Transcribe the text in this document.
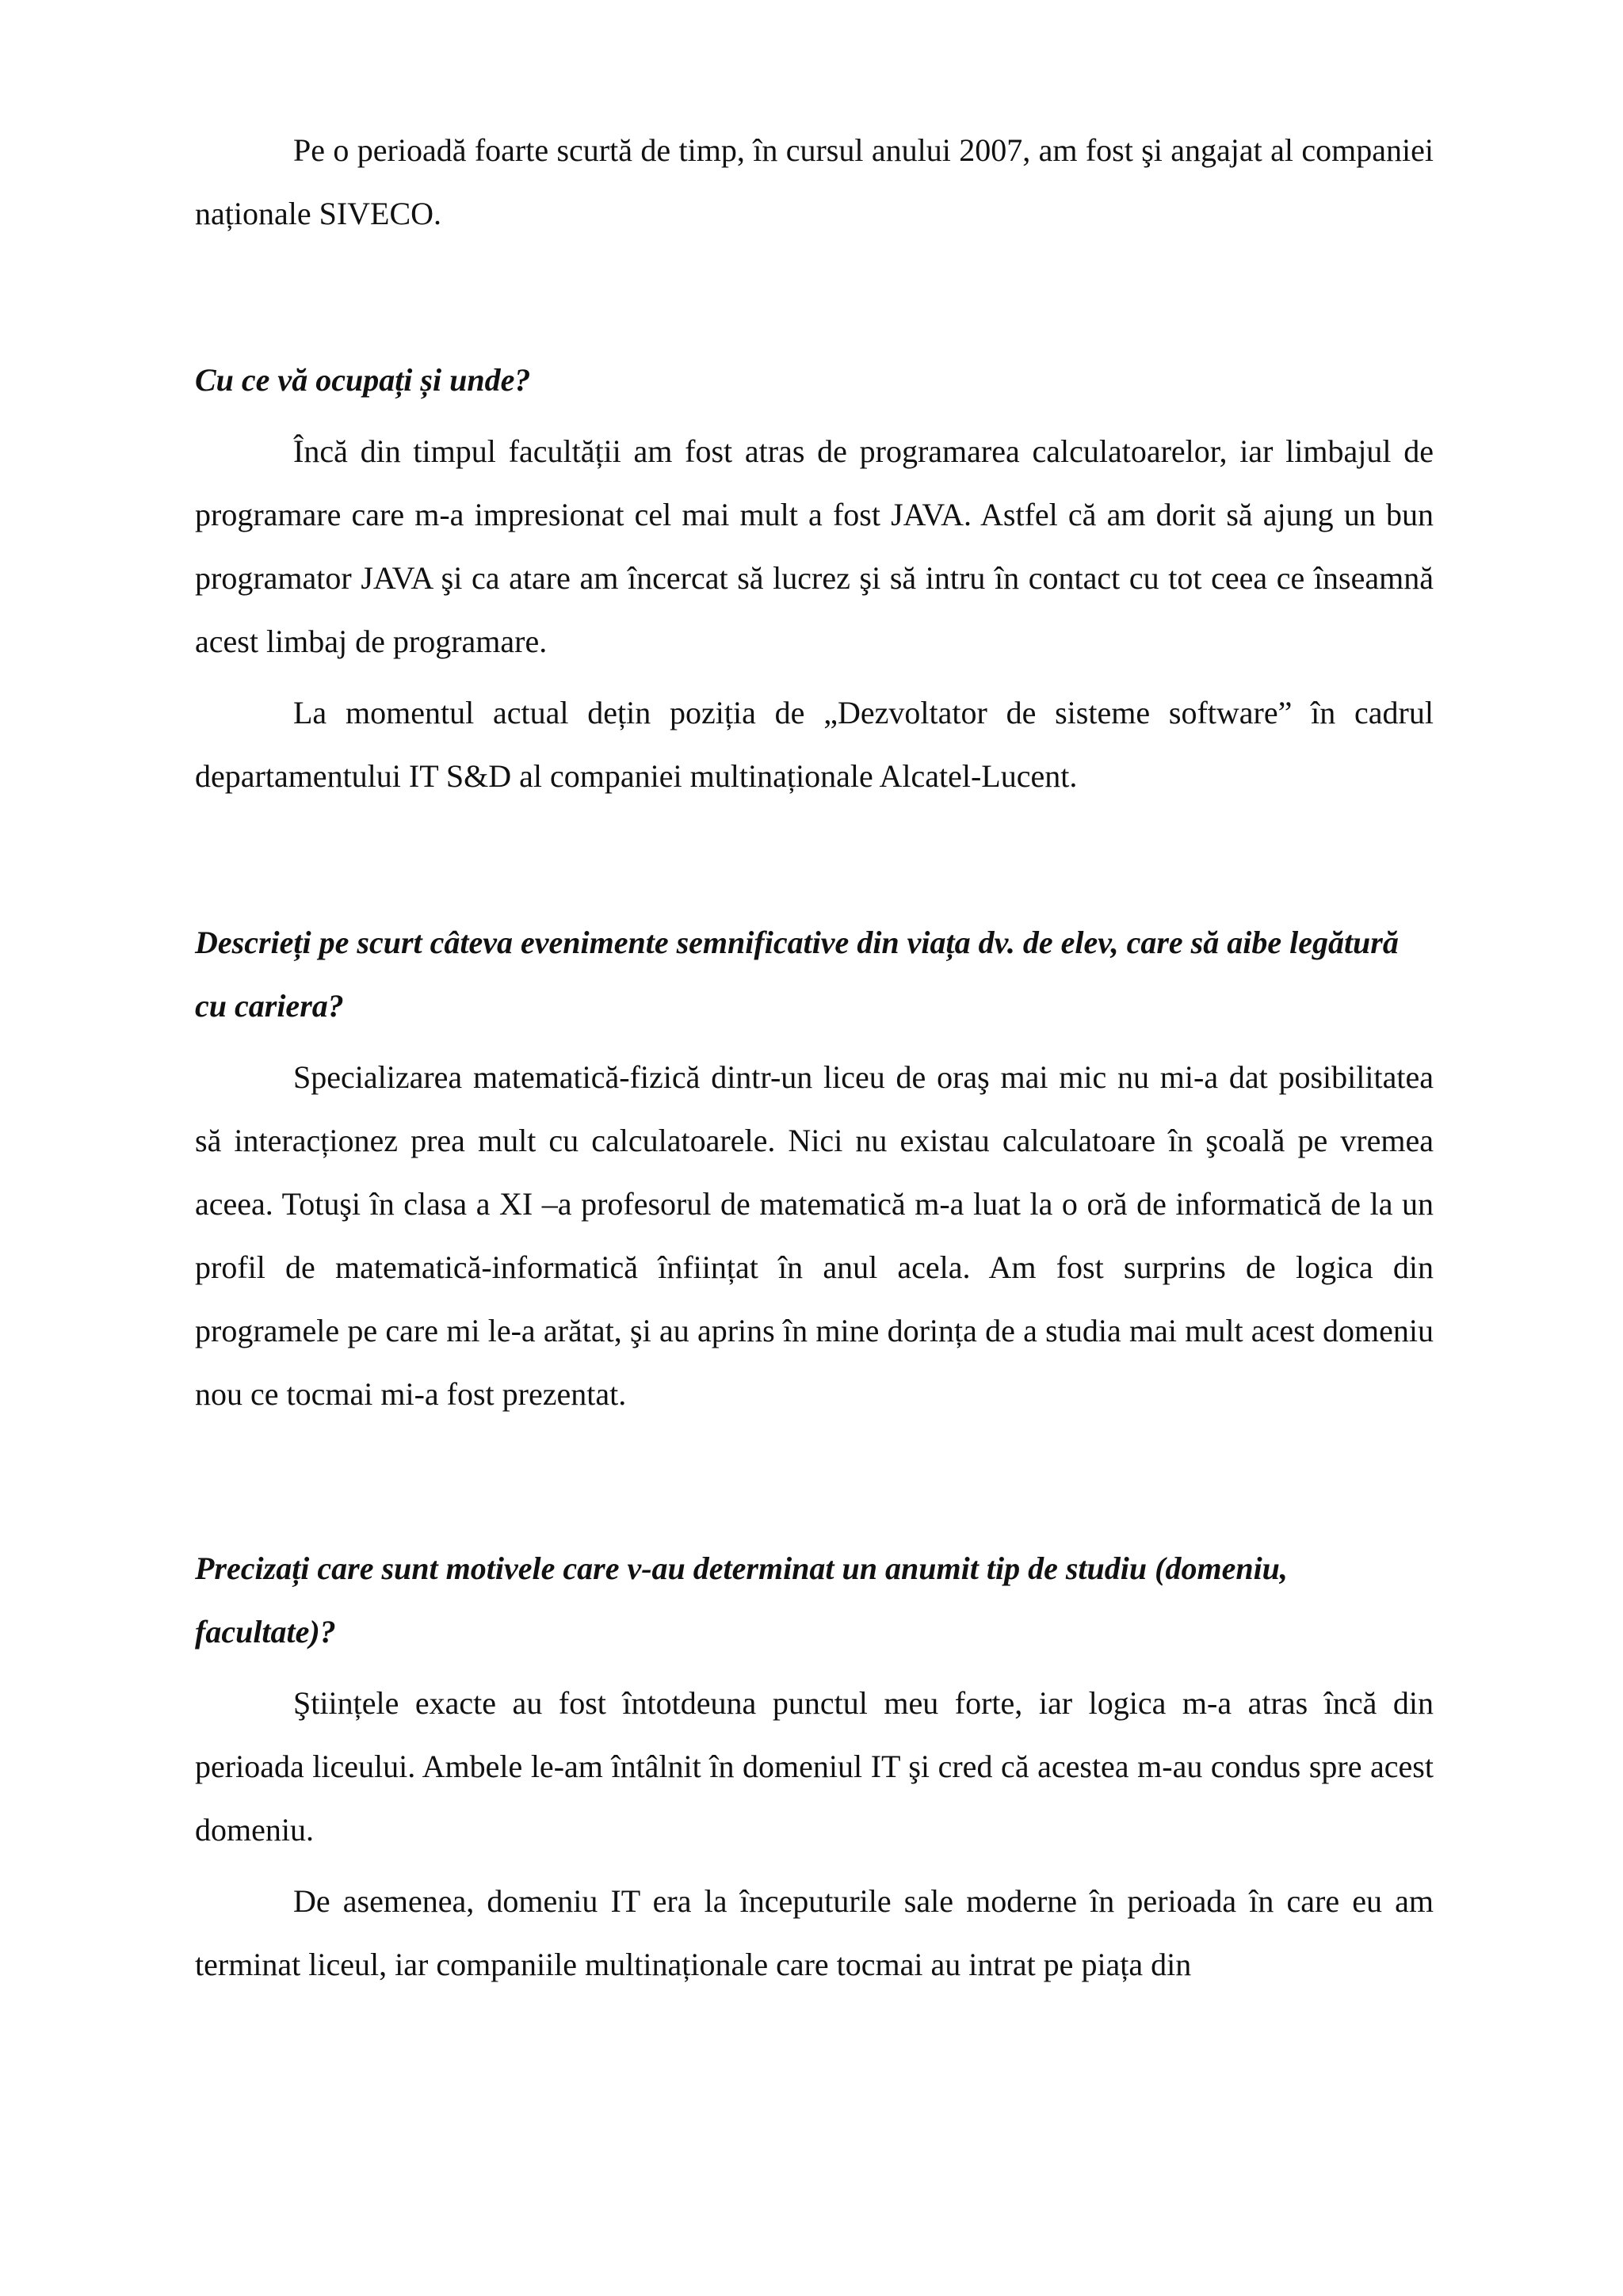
Pe o perioadă foarte scurtă de timp, în cursul anului 2007, am fost şi angajat al companiei naționale SIVECO.

Cu ce vă ocupați și unde?

Încă din timpul facultății am fost atras de programarea calculatoarelor, iar limbajul de programare care m-a impresionat cel mai mult a fost JAVA. Astfel că am dorit să ajung un bun programator JAVA şi ca atare am încercat să lucrez şi să intru în contact cu tot ceea ce înseamnă acest limbaj de programare.

La momentul actual dețin poziția de „Dezvoltator de sisteme software” în cadrul departamentului IT S&D al companiei multinaționale Alcatel-Lucent.

Descrieți pe scurt câteva evenimente semnificative din viața dv. de elev, care să aibe legătură cu cariera?

Specializarea matematică-fizică dintr-un liceu de oraş mai mic nu mi-a dat posibilitatea să interacționez prea mult cu calculatoarele. Nici nu existau calculatoare în şcoală pe vremea aceea. Totuşi în clasa a XI –a profesorul de matematică m-a luat la o oră de informatică de la un profil de matematică-informatică înființat în anul acela. Am fost surprins de logica din programele pe care mi le-a arătat, şi au aprins în mine dorința de a studia mai mult acest domeniu nou ce tocmai mi-a fost prezentat.

Precizați care sunt motivele care v-au determinat un anumit tip de studiu (domeniu, facultate)?

Ştiințele exacte au fost întotdeuna punctul meu forte, iar logica m-a atras încă din perioada liceului. Ambele le-am întâlnit în domeniul IT şi cred că acestea m-au condus spre acest domeniu.

De asemenea, domeniu IT era la începuturile sale moderne în perioada în care eu am terminat liceul, iar companiile multinaționale care tocmai au intrat pe piața din
